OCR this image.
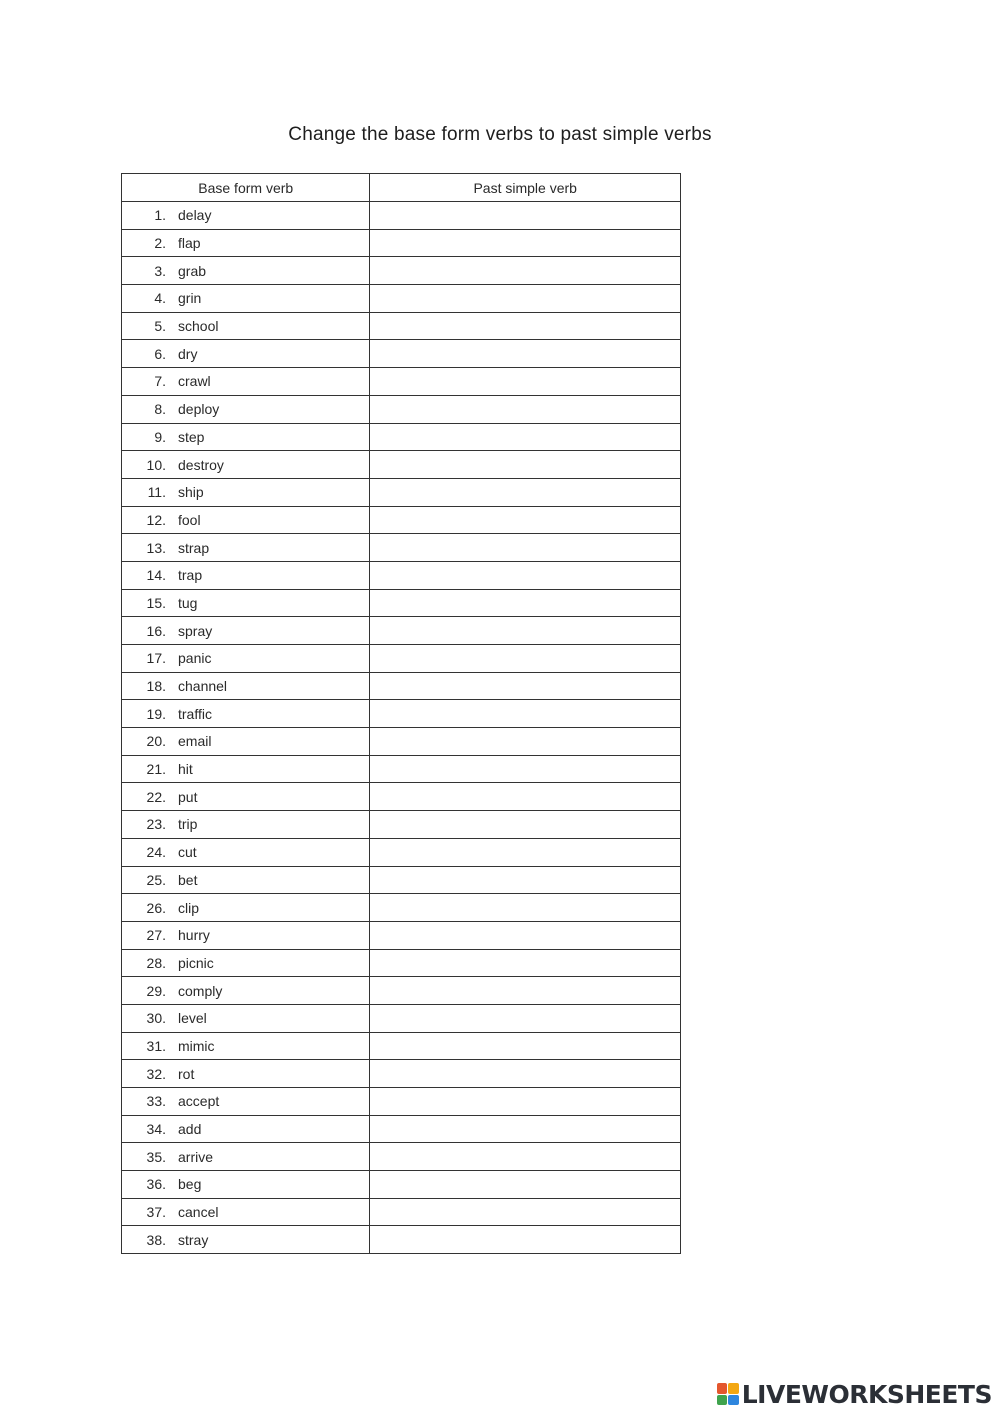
Change the base form verbs to past simple verbs
Base form verb	Past simple verb
1. delay	
2. flap	
3. grab	
4. grin	
5. school	
6. dry	
7. crawl	
8. deploy	
9. step	
10. destroy	
11. ship	
12. fool	
13. strap	
14. trap	
15. tug	
16. spray	
17. panic	
18. channel	
19. traffic	
20. email	
21. hit	
22. put	
23. trip	
24. cut	
25. bet	
26. clip	
27. hurry	
28. picnic	
29. comply	
30. level	
31. mimic	
32. rot	
33. accept	
34. add	
35. arrive	
36. beg	
37. cancel	
38. stray	
LIVEWORKSHEETS
